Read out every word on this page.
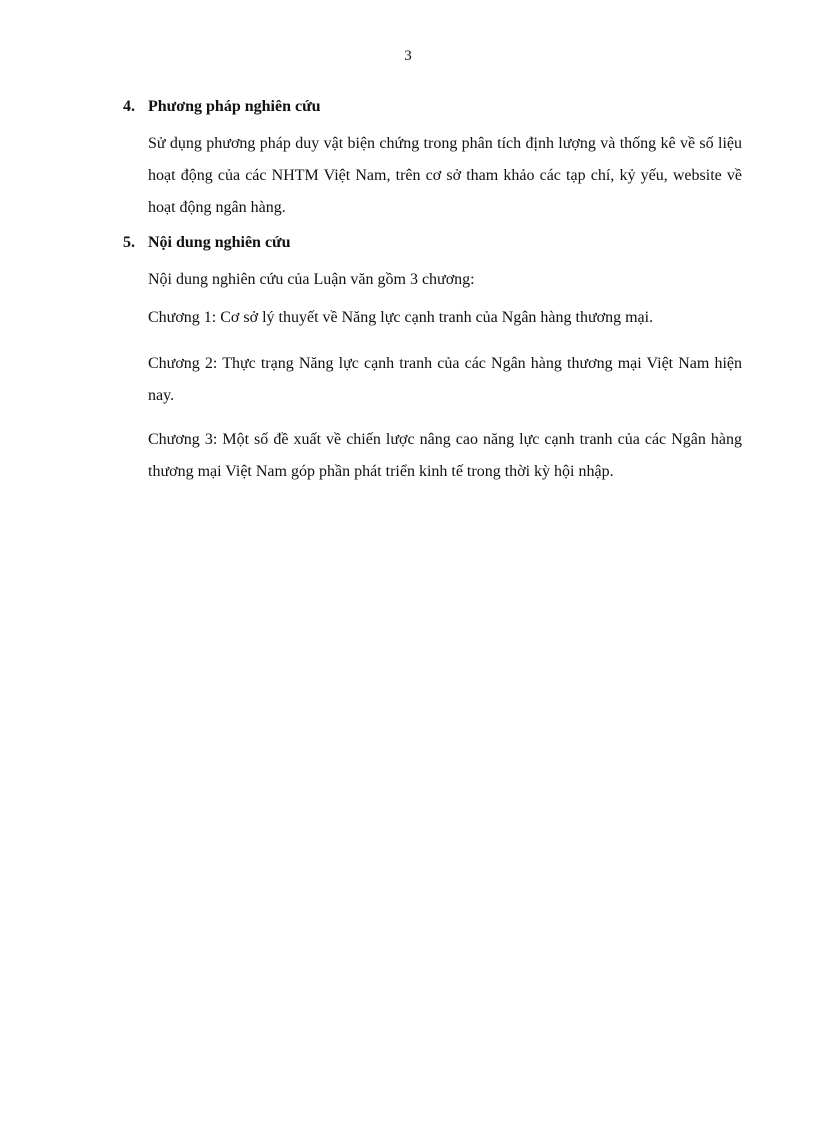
3
4. Phương pháp nghiên cứu
Sử dụng phương pháp duy vật biện chứng trong phân tích định lượng và thống kê về số liệu hoạt động của các NHTM Việt Nam, trên cơ sở tham khảo các tạp chí, kỷ yếu, website về hoạt động ngân hàng.
5. Nội dung nghiên cứu
Nội dung nghiên cứu của Luận văn gồm 3 chương:
Chương 1: Cơ sở lý thuyết về Năng lực cạnh tranh của Ngân hàng thương mại.
Chương 2: Thực trạng Năng lực cạnh tranh của các Ngân hàng thương mại Việt Nam hiện nay.
Chương 3: Một số đề xuất về chiến lược nâng cao năng lực cạnh tranh của các Ngân hàng thương mại Việt Nam góp phần phát triển kinh tế trong thời kỳ hội nhập.
